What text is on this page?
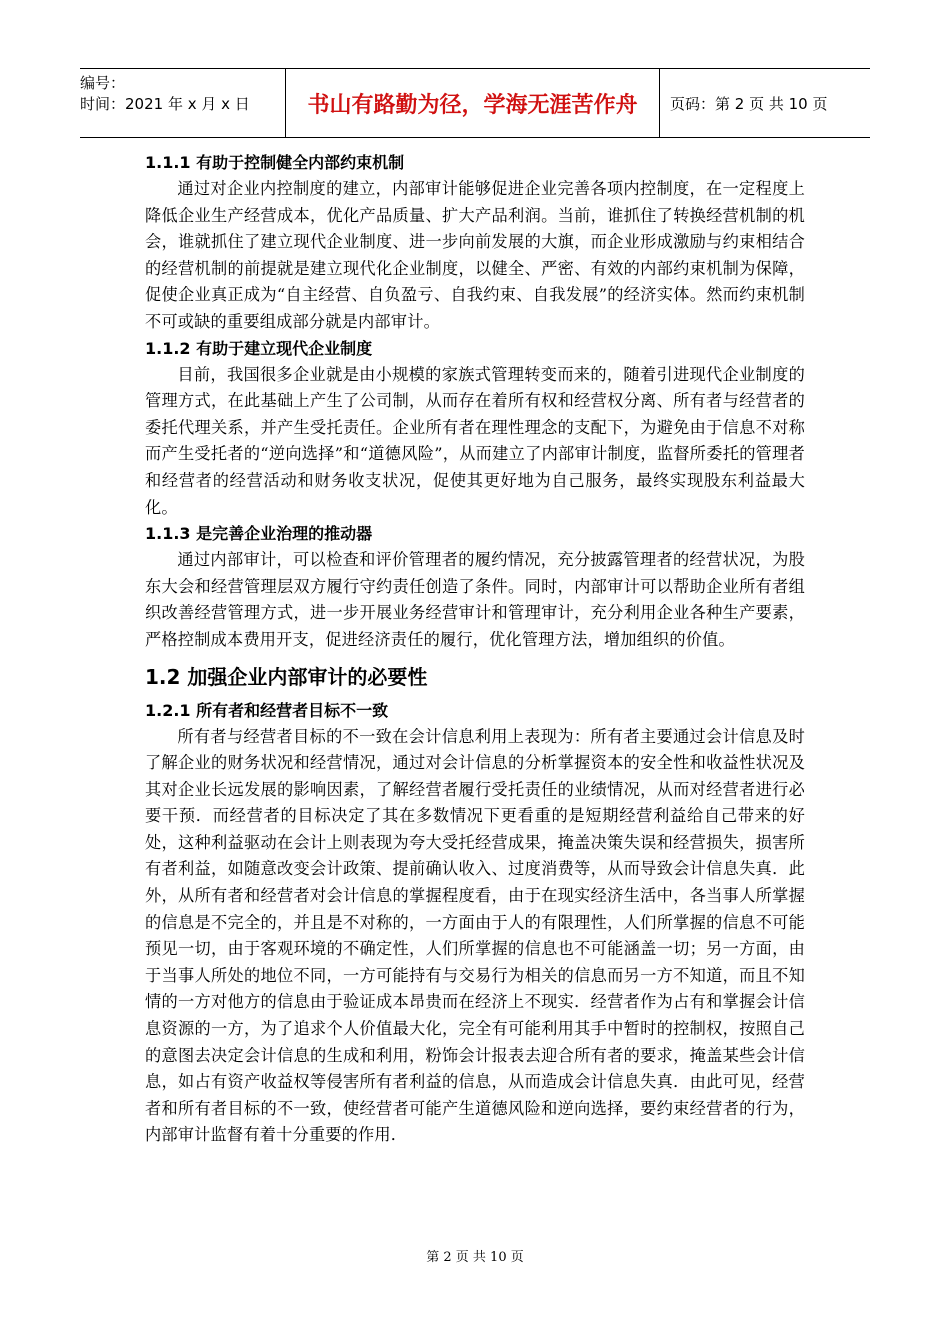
编号：
时间：2021 年 x 月 x 日	书山有路勤为径，学海无涯苦作舟	页码：第 2 页 共 10 页
1.1.1 有助于控制健全内部约束机制

通过对企业内控制度的建立，内部审计能够促进企业完善各项内控制度，在一定程度上降低企业生产经营成本，优化产品质量、扩大产品利润。当前，谁抓住了转换经营机制的机会，谁就抓住了建立现代企业制度、进一步向前发展的大旗，而企业形成激励与约束相结合的经营机制的前提就是建立现代化企业制度，以健全、严密、有效的内部约束机制为保障，促使企业真正成为“自主经营、自负盈亏、自我约束、自我发展”的经济实体。然而约束机制不可或缺的重要组成部分就是内部审计。

1.1.2 有助于建立现代企业制度

目前，我国很多企业就是由小规模的家族式管理转变而来的，随着引进现代企业制度的管理方式，在此基础上产生了公司制，从而存在着所有权和经营权分离、所有者与经营者的委托代理关系，并产生受托责任。企业所有者在理性理念的支配下，为避免由于信息不对称而产生受托者的“逆向选择”和“道德风险”，从而建立了内部审计制度，监督所委托的管理者和经营者的经营活动和财务收支状况，促使其更好地为自己服务，最终实现股东利益最大化。

1.1.3 是完善企业治理的推动器

通过内部审计，可以检查和评价管理者的履约情况，充分披露管理者的经营状况，为股东大会和经营管理层双方履行守约责任创造了条件。同时，内部审计可以帮助企业所有者组织改善经营管理方式，进一步开展业务经营审计和管理审计，充分利用企业各种生产要素，严格控制成本费用开支，促进经济责任的履行，优化管理方法，增加组织的价值。

1.2 加强企业内部审计的必要性
1.2.1 所有者和经营者目标不一致

所有者与经营者目标的不一致在会计信息利用上表现为：所有者主要通过会计信息及时了解企业的财务状况和经营情况，通过对会计信息的分析掌握资本的安全性和收益性状况及其对企业长远发展的影响因素，了解经营者履行受托责任的业绩情况，从而对经营者进行必要干预．而经营者的目标决定了其在多数情况下更看重的是短期经营利益给自己带来的好处，这种利益驱动在会计上则表现为夸大受托经营成果，掩盖决策失误和经营损失，损害所有者利益，如随意改变会计政策、提前确认收入、过度消费等，从而导致会计信息失真．此外，从所有者和经营者对会计信息的掌握程度看，由于在现实经济生活中，各当事人所掌握的信息是不完全的，并且是不对称的，一方面由于人的有限理性，人们所掌握的信息不可能预见一切，由于客观环境的不确定性，人们所掌握的信息也不可能涵盖一切；另一方面，由于当事人所处的地位不同，一方可能持有与交易行为相关的信息而另一方不知道，而且不知情的一方对他方的信息由于验证成本昂贵而在经济上不现实．经营者作为占有和掌握会计信息资源的一方，为了追求个人价值最大化，完全有可能利用其手中暂时的控制权，按照自己的意图去决定会计信息的生成和利用，粉饰会计报表去迎合所有者的要求，掩盖某些会计信息，如占有资产收益权等侵害所有者利益的信息，从而造成会计信息失真．由此可见，经营者和所有者目标的不一致，使经营者可能产生道德风险和逆向选择，要约束经营者的行为，内部审计监督有着十分重要的作用．

第 2 页 共 10 页
